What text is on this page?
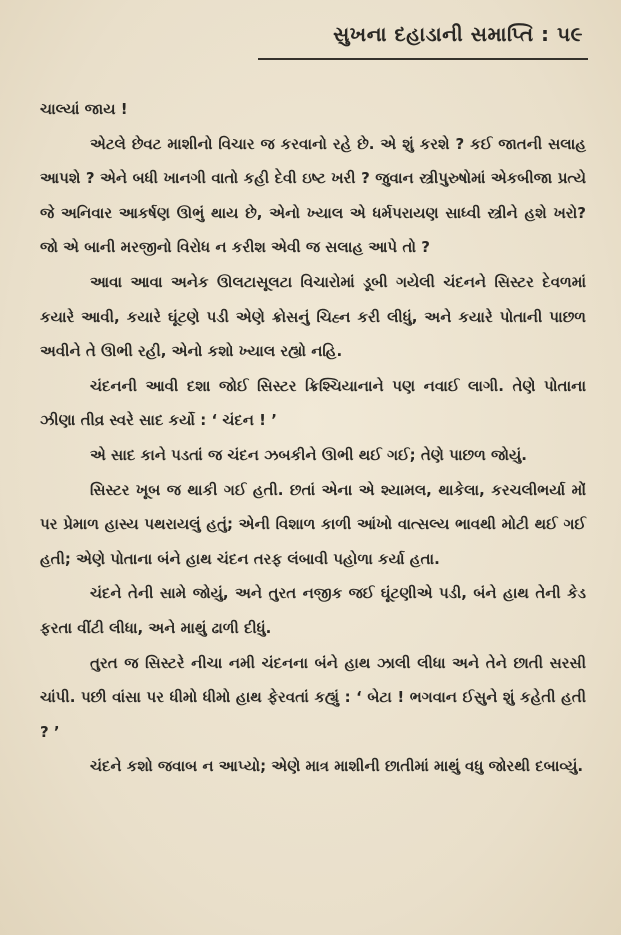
સુખના દહાડાની સમાપ્તિ : ૫૯

ચાલ્યાં જાય !

એટલે છેવટ માશીનો વિચાર જ કરવાનો રહે છે. એ શું કરશે ? કઈ જાતની સલાહ આપશે ? એને બધી ખાનગી વાતો કહી દેવી ઇષ્ટ ખરી ? જુવાન સ્ત્રીપુરુષોમાં એકબીજા પ્રત્યે જે અનિવાર આકર્ષણ ઊભું થાય છે, એનો ખ્યાલ એ ધર્મપરાયણ સાધ્વી સ્ત્રીને હશે ખરો? જો એ બાની મરજીનો વિરોધ ન કરીશ એવી જ સલાહ આપે તો ?

આવા આવા અનેક ઊલટાસૂલટા વિચારોમાં ડૂબી ગયેલી ચંદનને સિસ્ટર દેવળમાં કયારે આવી, કયારે ઘૂંટણે પડી એણે ક્રોસનું ચિહ્ન કરી લીધું, અને કયારે પોતાની પાછળ અવીને તે ઊભી રહી, એનો કશો ખ્યાલ રહ્યો નહિ.

ચંદનની આવી દશા જોઈ સિસ્ટર ક્રિશ્ચિયાનાને પણ નવાઈ લાગી. તેણે પોતાના ઝીણા તીવ્ર સ્વરે સાદ કર્યો : ‘ ચંદન ! ’

એ સાદ કાને પડતાં જ ચંદન ઝબકીને ઊભી થઈ ગઈ; તેણે પાછળ જોયું.

સિસ્ટર ખૂબ જ થાકી ગઈ હતી. છતાં એના એ શ્યામલ, થાકેલા, કરચલીભર્યા મોં પર પ્રેમાળ હાસ્ય પથરાયલું હતું; એની વિશાળ કાળી આંખો વાત્સલ્ય ભાવથી મોટી થઈ ગઈ હતી; એણે પોતાના બંને હાથ ચંદન તરફ લંબાવી પહોળા કર્યા હતા.

ચંદને તેની સામે જોયું, અને તુરત નજીક જઈ ઘૂંટણીએ પડી, બંને હાથ તેની કેડ ફરતા વીંટી લીધા, અને માથું ઢાળી દીધું.

તુરત જ સિસ્ટરે નીચા નમી ચંદનના બંને હાથ ઝાલી લીધા અને તેને છાતી સરસી ચાંપી. પછી વાંસા પર ધીમો ધીમો હાથ ફેરવતાં કહ્યું : ‘ બેટા ! ભગવાન ઈસુને શું કહેતી હતી ? ’

ચંદને કશો જવાબ ન આપ્યો; એણે માત્ર માશીની છાતીમાં માથું વધુ જોરથી દબાવ્યું.
